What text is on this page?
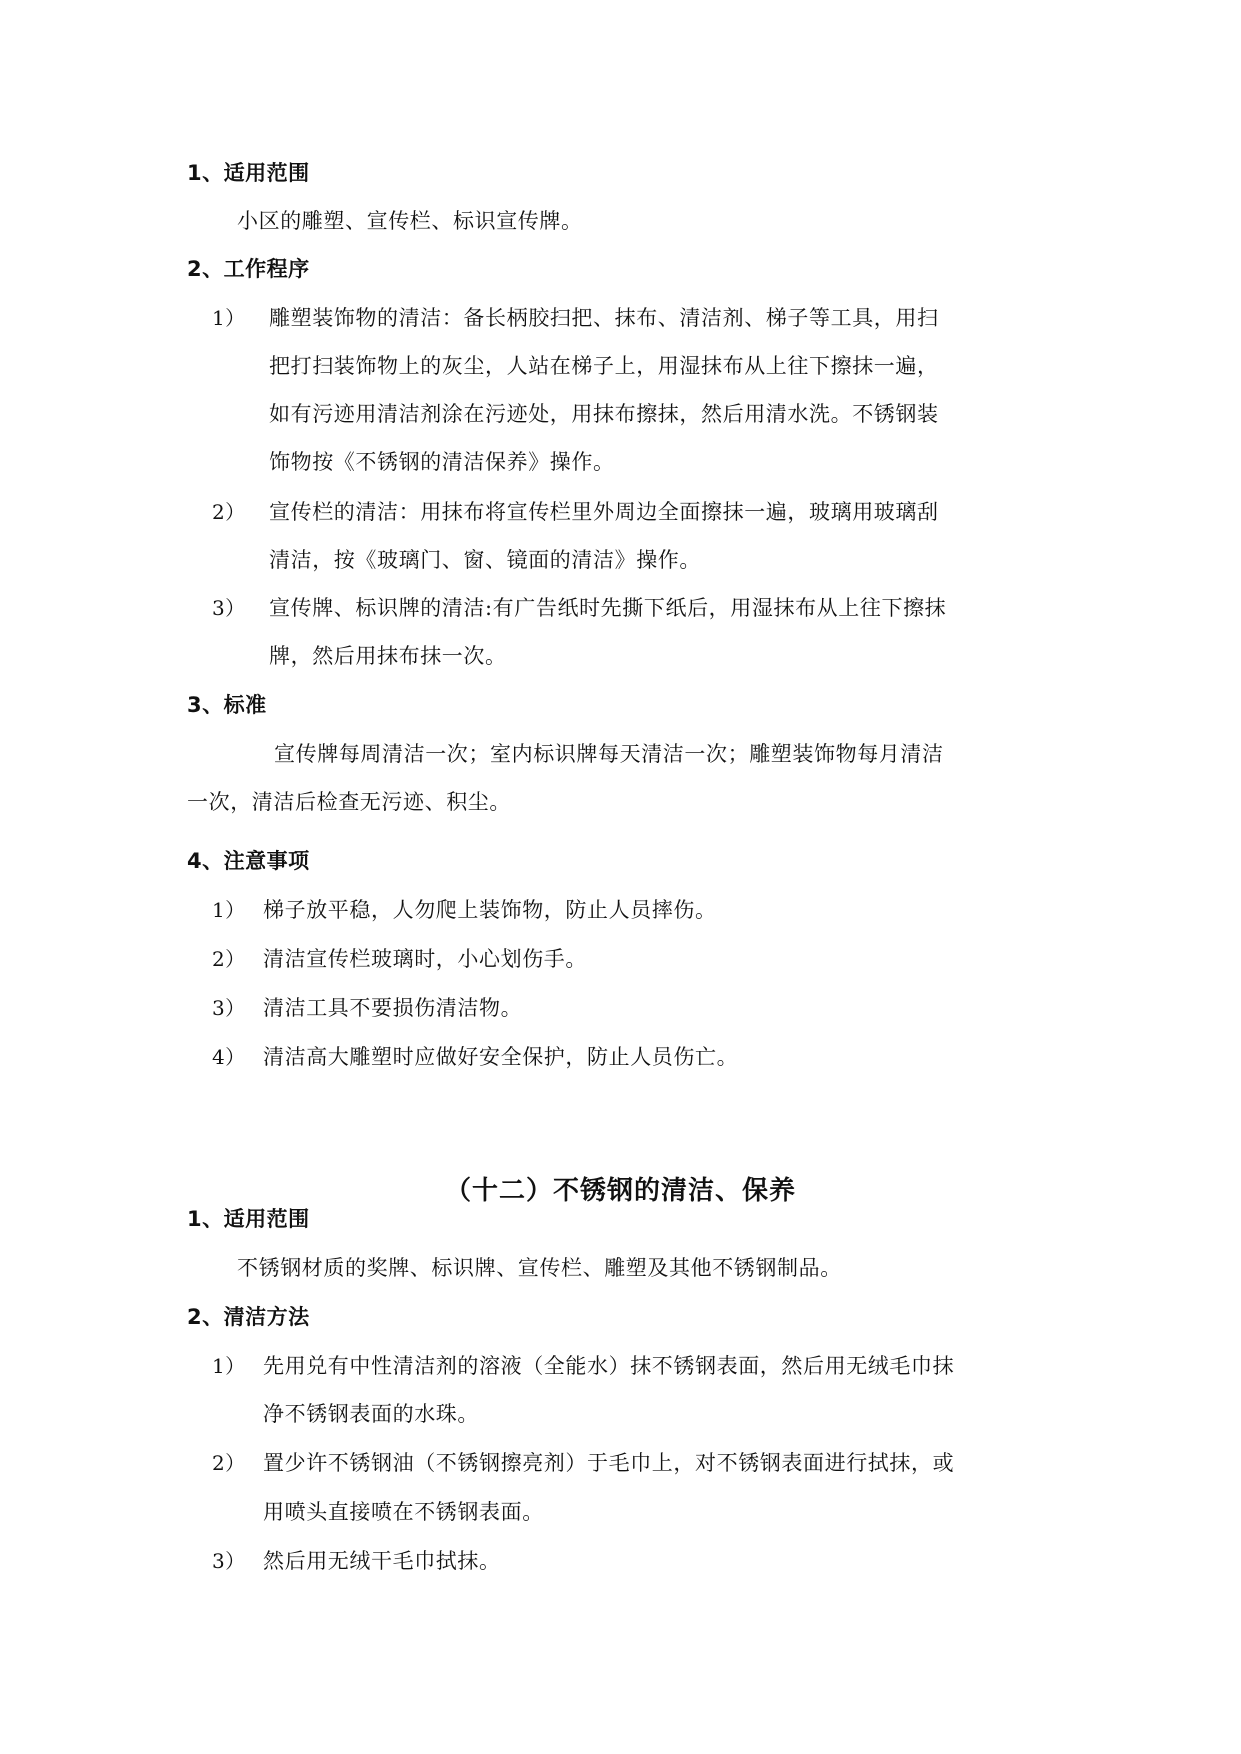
1、适用范围

小区的雕塑、宣传栏、标识宣传牌。

2、工作程序

1） 雕塑装饰物的清洁：备长柄胶扫把、抹布、清洁剂、梯子等工具，用扫

把打扫装饰物上的灰尘，人站在梯子上，用湿抹布从上往下擦抹一遍，

如有污迹用清洁剂涂在污迹处，用抹布擦抹，然后用清水洗。不锈钢装

饰物按《不锈钢的清洁保养》操作。

2） 宣传栏的清洁：用抹布将宣传栏里外周边全面擦抹一遍，玻璃用玻璃刮

清洁，按《玻璃门、窗、镜面的清洁》操作。

3） 宣传牌、标识牌的清洁:有广告纸时先撕下纸后，用湿抹布从上往下擦抹

牌，然后用抹布抹一次。

3、标准

宣传牌每周清洁一次；室内标识牌每天清洁一次；雕塑装饰物每月清洁

一次，清洁后检查无污迹、积尘。

4、注意事项

1） 梯子放平稳，人勿爬上装饰物，防止人员摔伤。

2） 清洁宣传栏玻璃时，小心划伤手。

3） 清洁工具不要损伤清洁物。

4） 清洁高大雕塑时应做好安全保护，防止人员伤亡。

（十二）不锈钢的清洁、保养

1、适用范围

不锈钢材质的奖牌、标识牌、宣传栏、雕塑及其他不锈钢制品。

2、清洁方法

1） 先用兑有中性清洁剂的溶液（全能水）抹不锈钢表面，然后用无绒毛巾抹

净不锈钢表面的水珠。

2） 置少许不锈钢油（不锈钢擦亮剂）于毛巾上，对不锈钢表面进行拭抹，或

用喷头直接喷在不锈钢表面。

3） 然后用无绒干毛巾拭抹。
